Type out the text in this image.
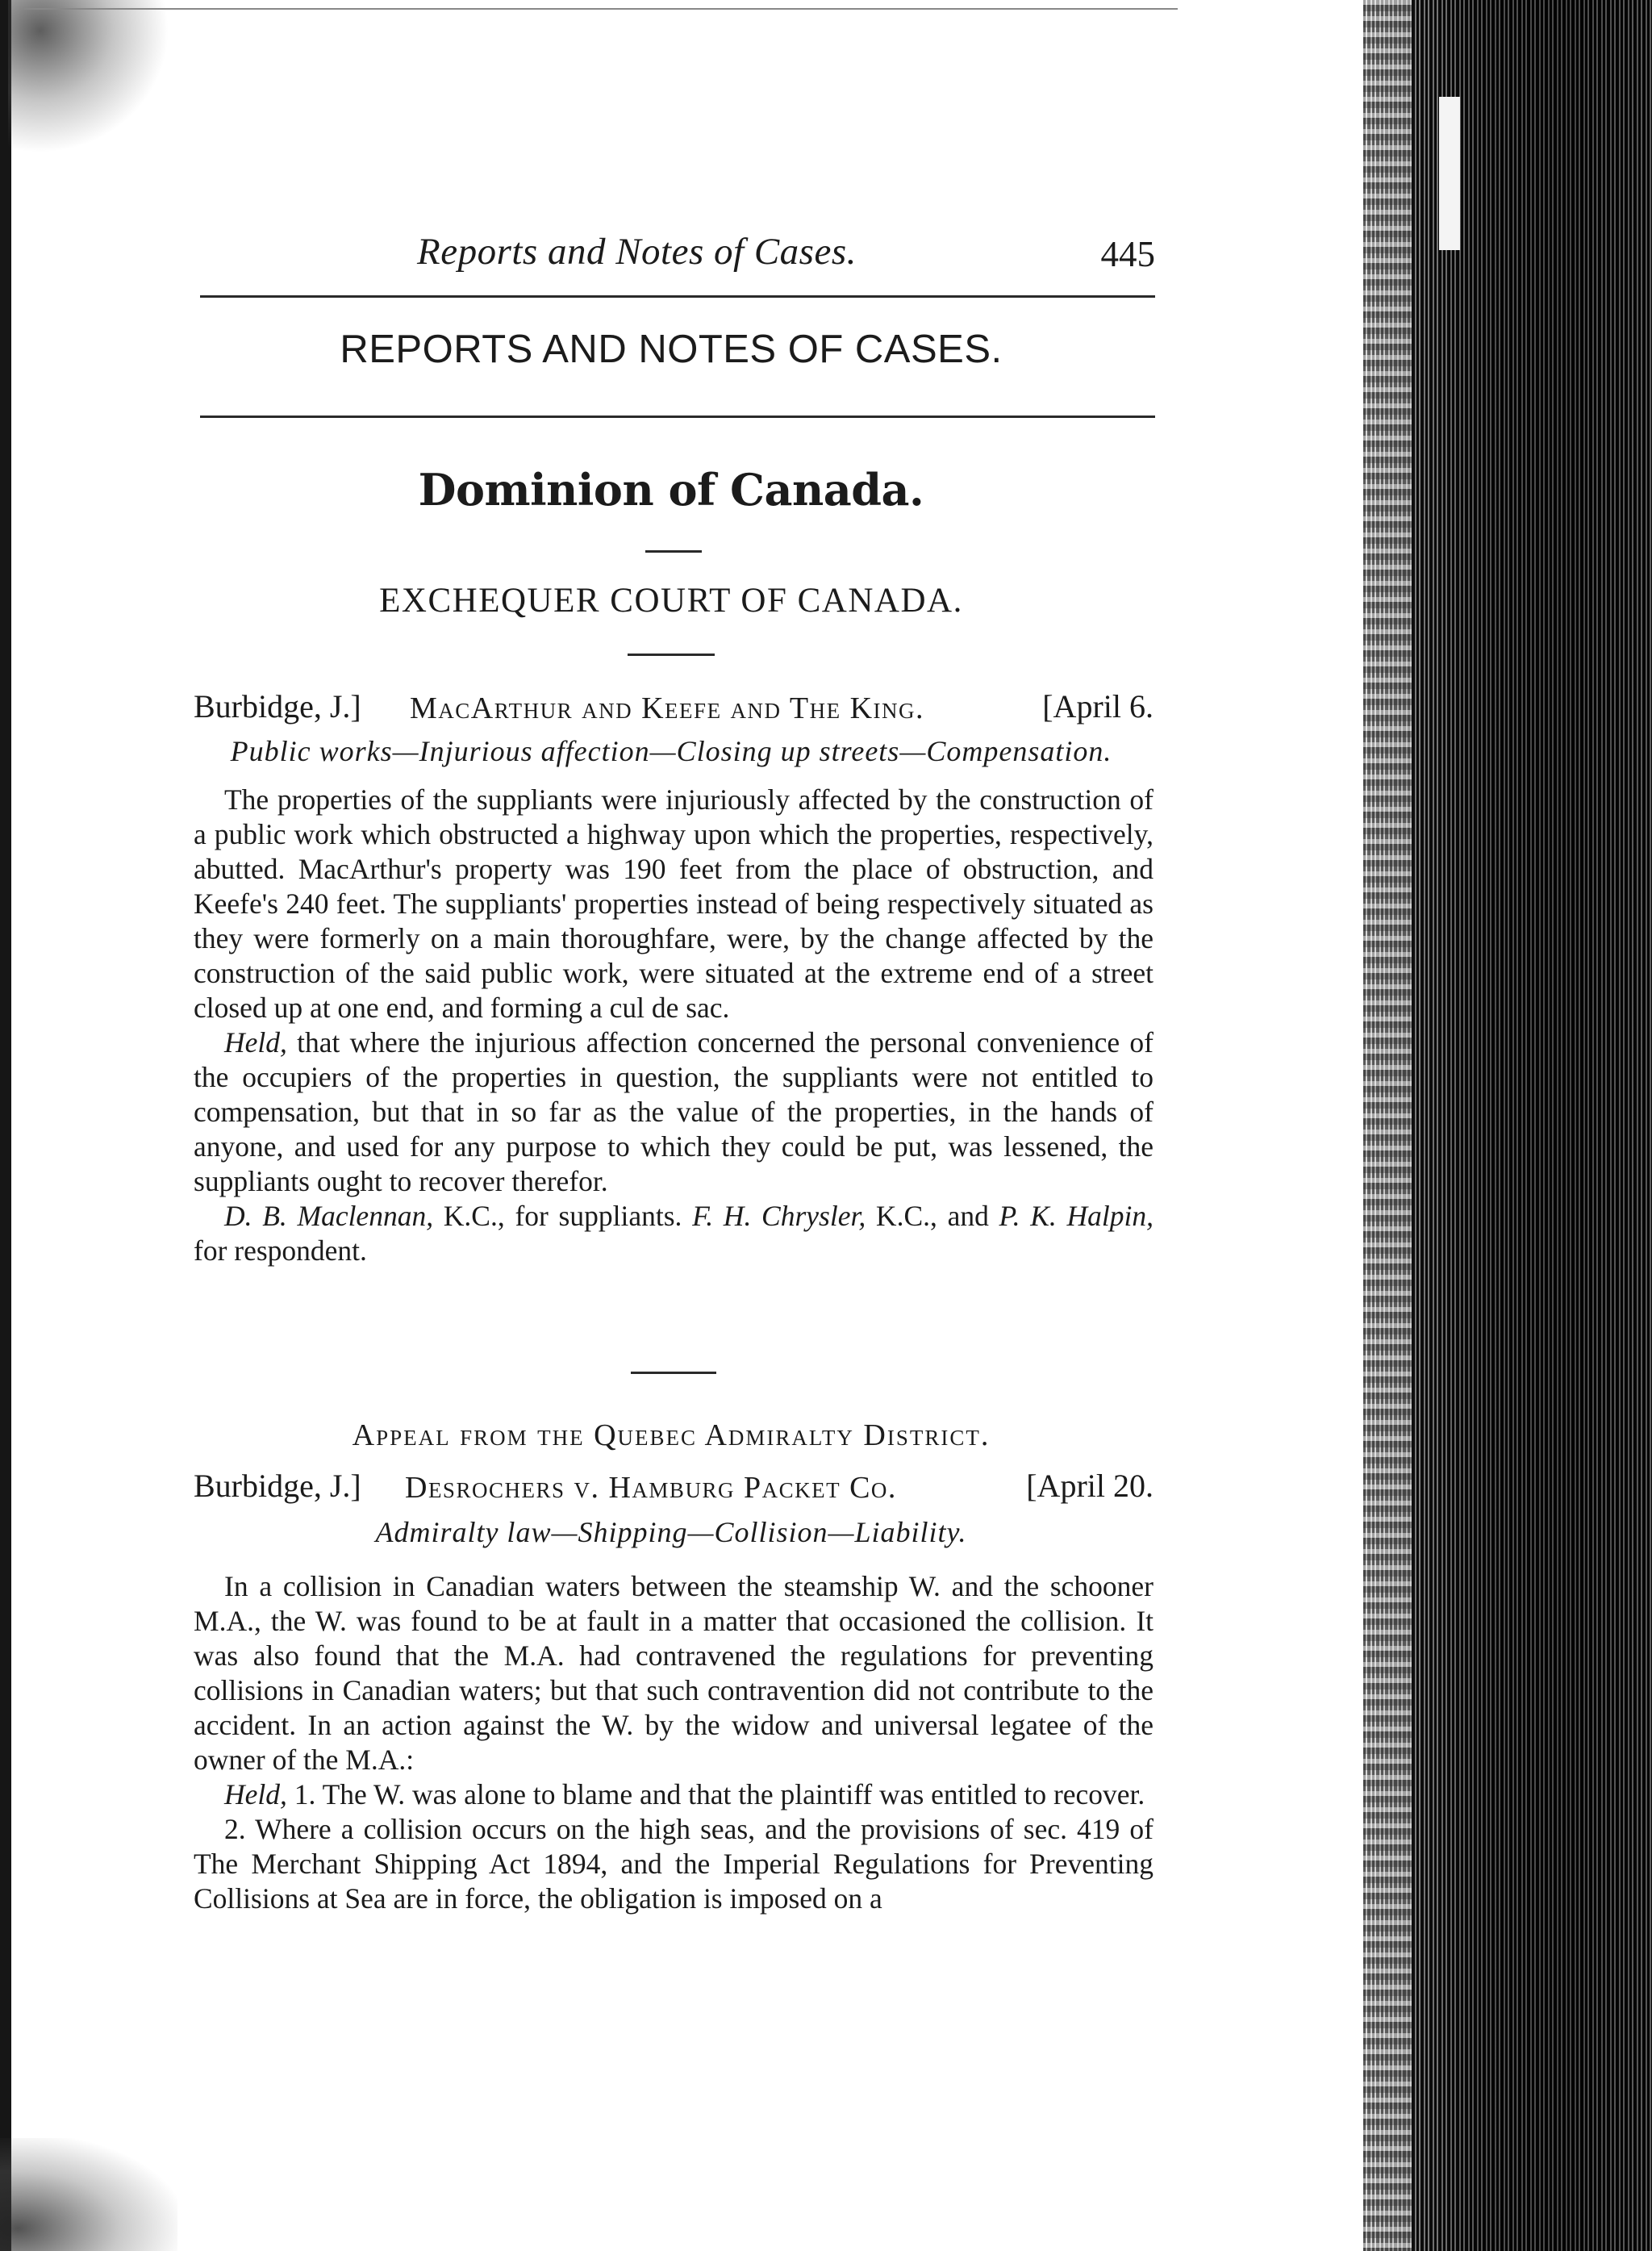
Reports and Notes of Cases.	445
REPORTS AND NOTES OF CASES.
Dominion of Canada.
EXCHEQUER COURT OF CANADA.
Burbidge, J.] MacArthur and Keefe and The King.	[April 6.
Public works—Injurious affection—Closing up streets—Compensation.

The properties of the suppliants were injuriously affected by the construction of a public work which obstructed a highway upon which the properties, respectively, abutted. MacArthur's property was 190 feet from the place of obstruction, and Keefe's 240 feet. The suppliants' properties instead of being respectively situated as they were formerly on a main thoroughfare, were, by the change affected by the construction of the said public work, were situated at the extreme end of a street closed up at one end, and forming a cul de sac.

Held, that where the injurious affection concerned the personal convenience of the occupiers of the properties in question, the suppliants were not entitled to compensation, but that in so far as the value of the properties, in the hands of anyone, and used for any purpose to which they could be put, was lessened, the suppliants ought to recover therefor.

D. B. Maclennan, K.C., for suppliants. F. H. Chrysler, K.C., and P. K. Halpin, for respondent.

Appeal from the Quebec Admiralty District.
Burbidge, J.] Desrochers v. Hamburg Packet Co.	[April 20.
Admiralty law—Shipping—Collision—Liability.

In a collision in Canadian waters between the steamship W. and the schooner M.A., the W. was found to be at fault in a matter that occasioned the collision. It was also found that the M.A. had contravened the regulations for preventing collisions in Canadian waters; but that such contravention did not contribute to the accident. In an action against the W. by the widow and universal legatee of the owner of the M.A.:

Held, 1. The W. was alone to blame and that the plaintiff was entitled to recover.

2. Where a collision occurs on the high seas, and the provisions of sec. 419 of The Merchant Shipping Act 1894, and the Imperial Regulations for Preventing Collisions at Sea are in force, the obligation is imposed on a
